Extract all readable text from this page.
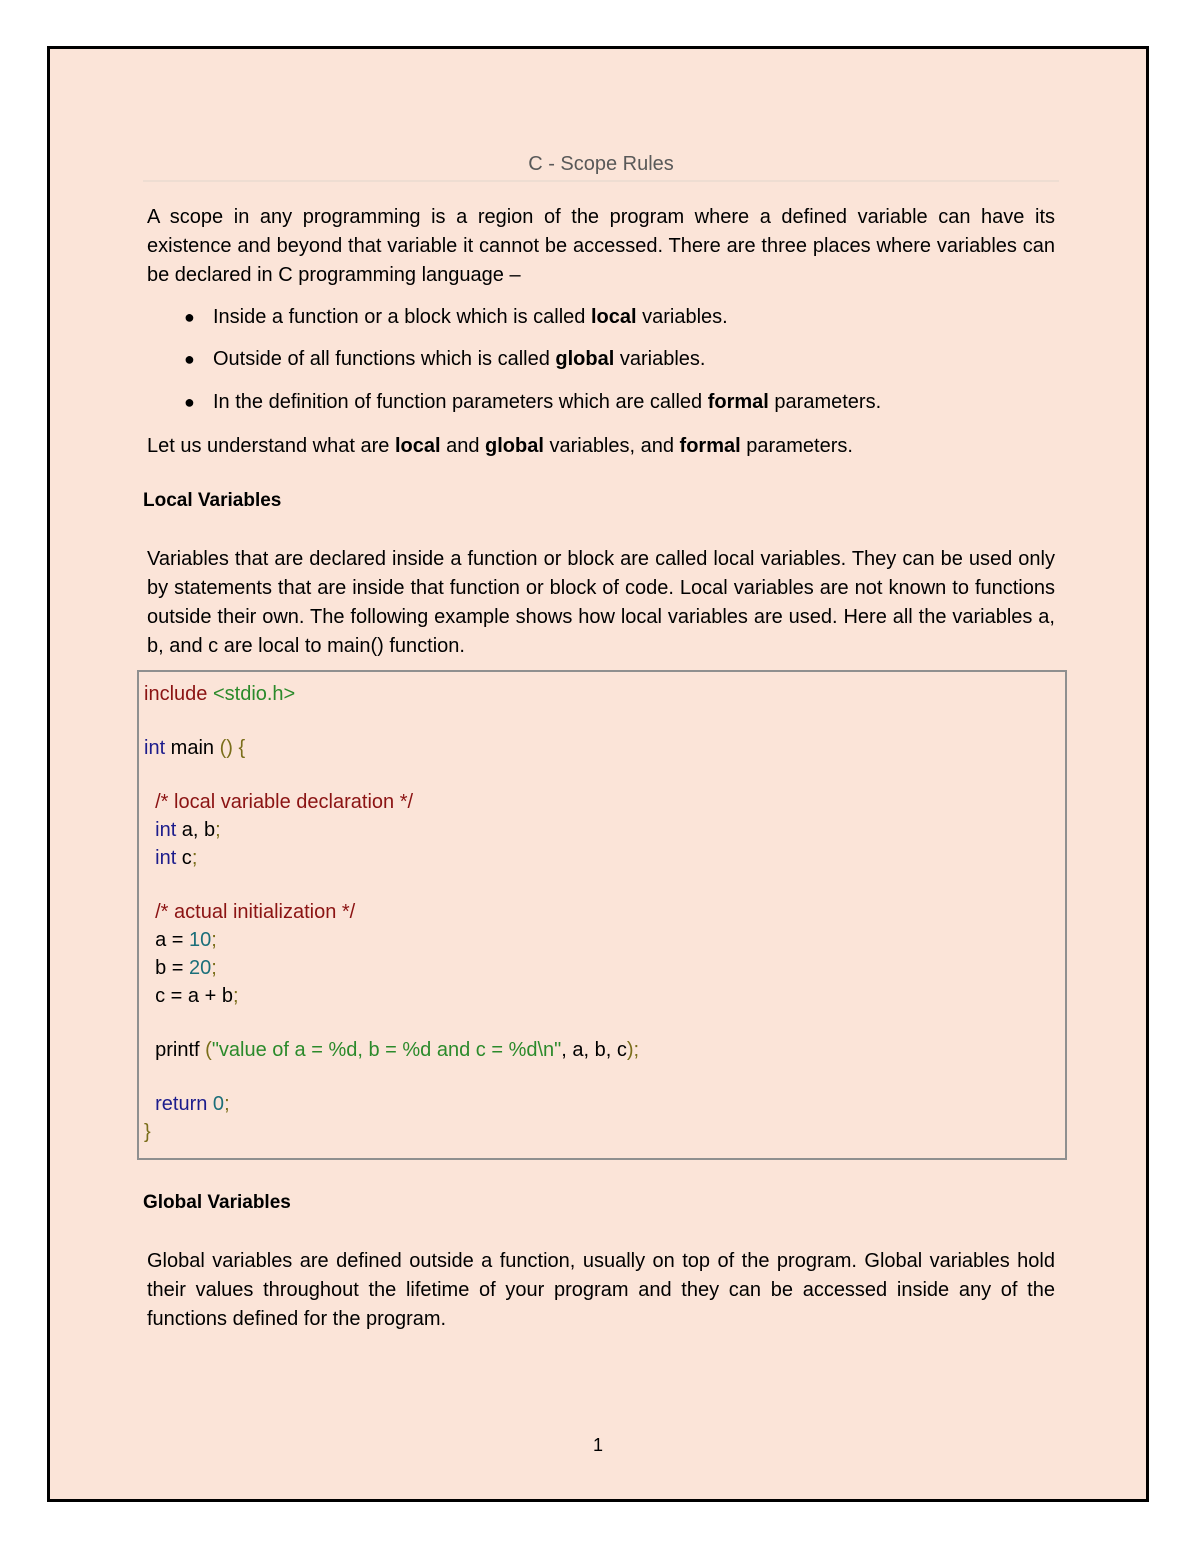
C - Scope Rules

A scope in any programming is a region of the program where a defined variable can have its existence and beyond that variable it cannot be accessed. There are three places where variables can be declared in C programming language –

● Inside a function or a block which is called local variables.
● Outside of all functions which is called global variables.
● In the definition of function parameters which are called formal parameters.

Let us understand what are local and global variables, and formal parameters.

Local Variables

Variables that are declared inside a function or block are called local variables. They can be used only by statements that are inside that function or block of code. Local variables are not known to functions outside their own. The following example shows how local variables are used. Here all the variables a, b, and c are local to main() function.

include <stdio.h>
int main () {
/* local variable declaration */
int a, b;
int c;
/* actual initialization */
a = 10;
b = 20;
c = a + b;
printf ("value of a = %d, b = %d and c = %d\n", a, b, c);
return 0;
}
Global Variables

Global variables are defined outside a function, usually on top of the program. Global variables hold their values throughout the lifetime of your program and they can be accessed inside any of the functions defined for the program.

1
